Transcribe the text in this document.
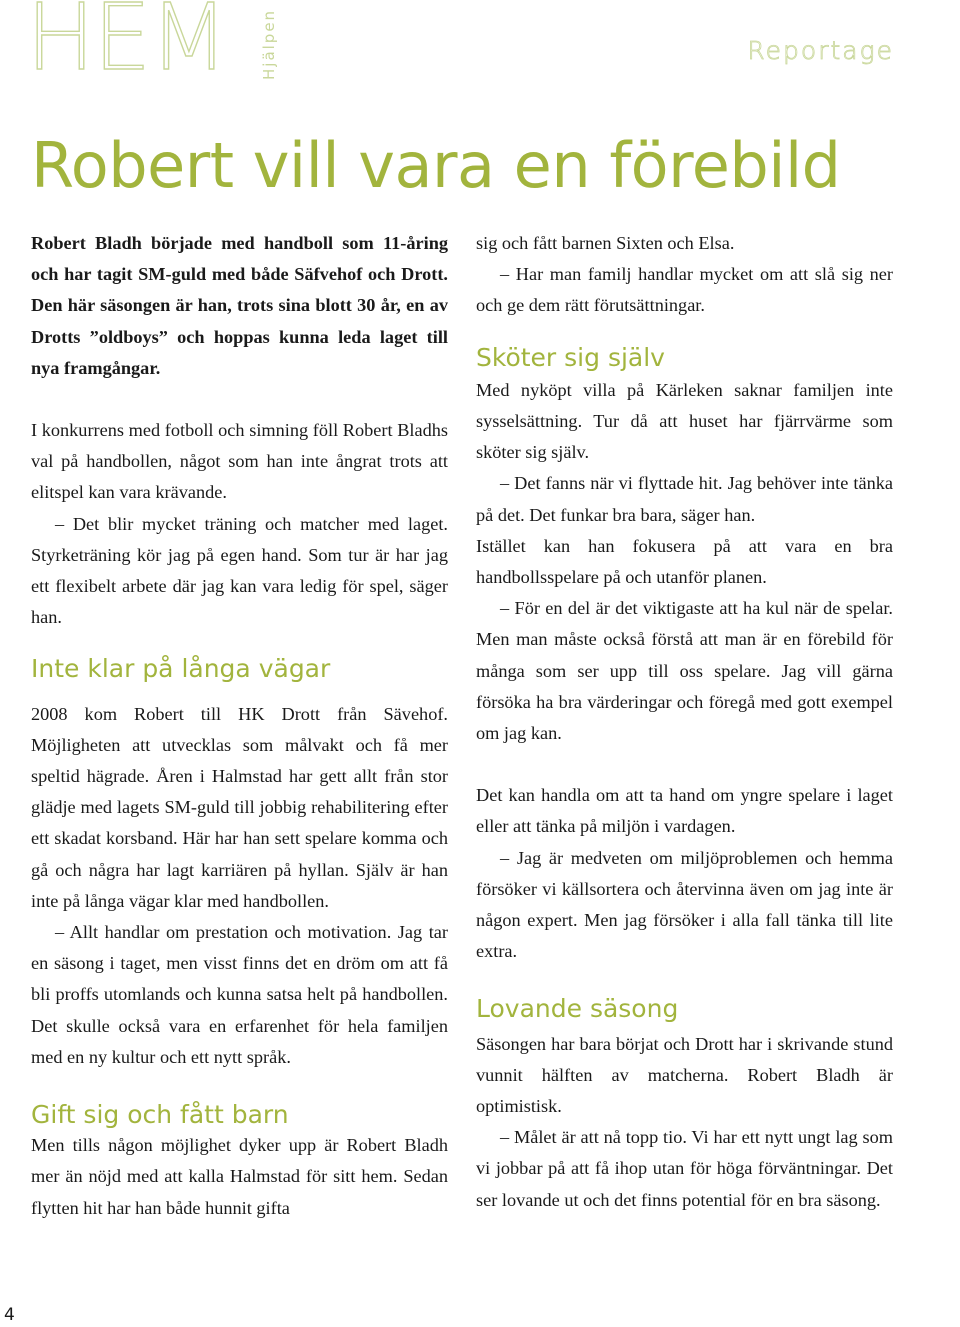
HEM Hjälpen	Reportage
Robert vill vara en förebild

Robert Bladh började med handboll som 11-åring och har tagit SM-guld med både Säfvehof och Drott. Den här säsongen är han, trots sina blott 30 år, en av Drotts ”oldboys” och hoppas kunna leda laget till nya framgångar.

I konkurrens med fotboll och simning föll Robert Bladhs val på handbollen, något som han inte ångrat trots att elitspel kan vara krävande.

– Det blir mycket träning och matcher med laget. Styrketräning kör jag på egen hand. Som tur är har jag ett flexibelt arbete där jag kan vara ledig för spel, säger han.

Inte klar på långa vägar

2008 kom Robert till HK Drott från Sävehof. Möjligheten att utvecklas som målvakt och få mer speltid hägrade. Åren i Halmstad har gett allt från stor glädje med lagets SM-guld till jobbig rehabilitering efter ett skadat korsband. Här har han sett spelare komma och gå och några har lagt karriären på hyllan. Själv är han inte på långa vägar klar med handbollen.

– Allt handlar om prestation och motivation. Jag tar en säsong i taget, men visst finns det en dröm om att få bli proffs utomlands och kunna satsa helt på handbollen. Det skulle också vara en erfarenhet för hela familjen med en ny kultur och ett nytt språk.

Gift sig och fått barn

Men tills någon möjlighet dyker upp är Robert Bladh mer än nöjd med att kalla Halmstad för sitt hem. Sedan flytten hit har han både hunnit gifta

sig och fått barnen Sixten och Elsa.

– Har man familj handlar mycket om att slå sig ner och ge dem rätt förutsättningar.

Sköter sig själv

Med nyköpt villa på Kärleken saknar familjen inte sysselsättning. Tur då att huset har fjärrvärme som sköter sig själv.

– Det fanns när vi flyttade hit. Jag behöver inte tänka på det. Det funkar bra bara, säger han.

Istället kan han fokusera på att vara en bra handbollsspelare på och utanför planen.

– För en del är det viktigaste att ha kul när de spelar. Men man måste också förstå att man är en förebild för många som ser upp till oss spelare. Jag vill gärna försöka ha bra värderingar och föregå med gott exempel om jag kan.

Det kan handla om att ta hand om yngre spelare i laget eller att tänka på miljön i vardagen.

– Jag är medveten om miljöproblemen och hemma försöker vi källsortera och återvinna även om jag inte är någon expert. Men jag försöker i alla fall tänka till lite extra.

Lovande säsong

Säsongen har bara börjat och Drott har i skrivande stund vunnit hälften av matcherna. Robert Bladh är optimistisk.

– Målet är att nå topp tio. Vi har ett nytt ungt lag som vi jobbar på att få ihop utan för höga förväntningar. Det ser lovande ut och det finns potential för en bra säsong.

4
